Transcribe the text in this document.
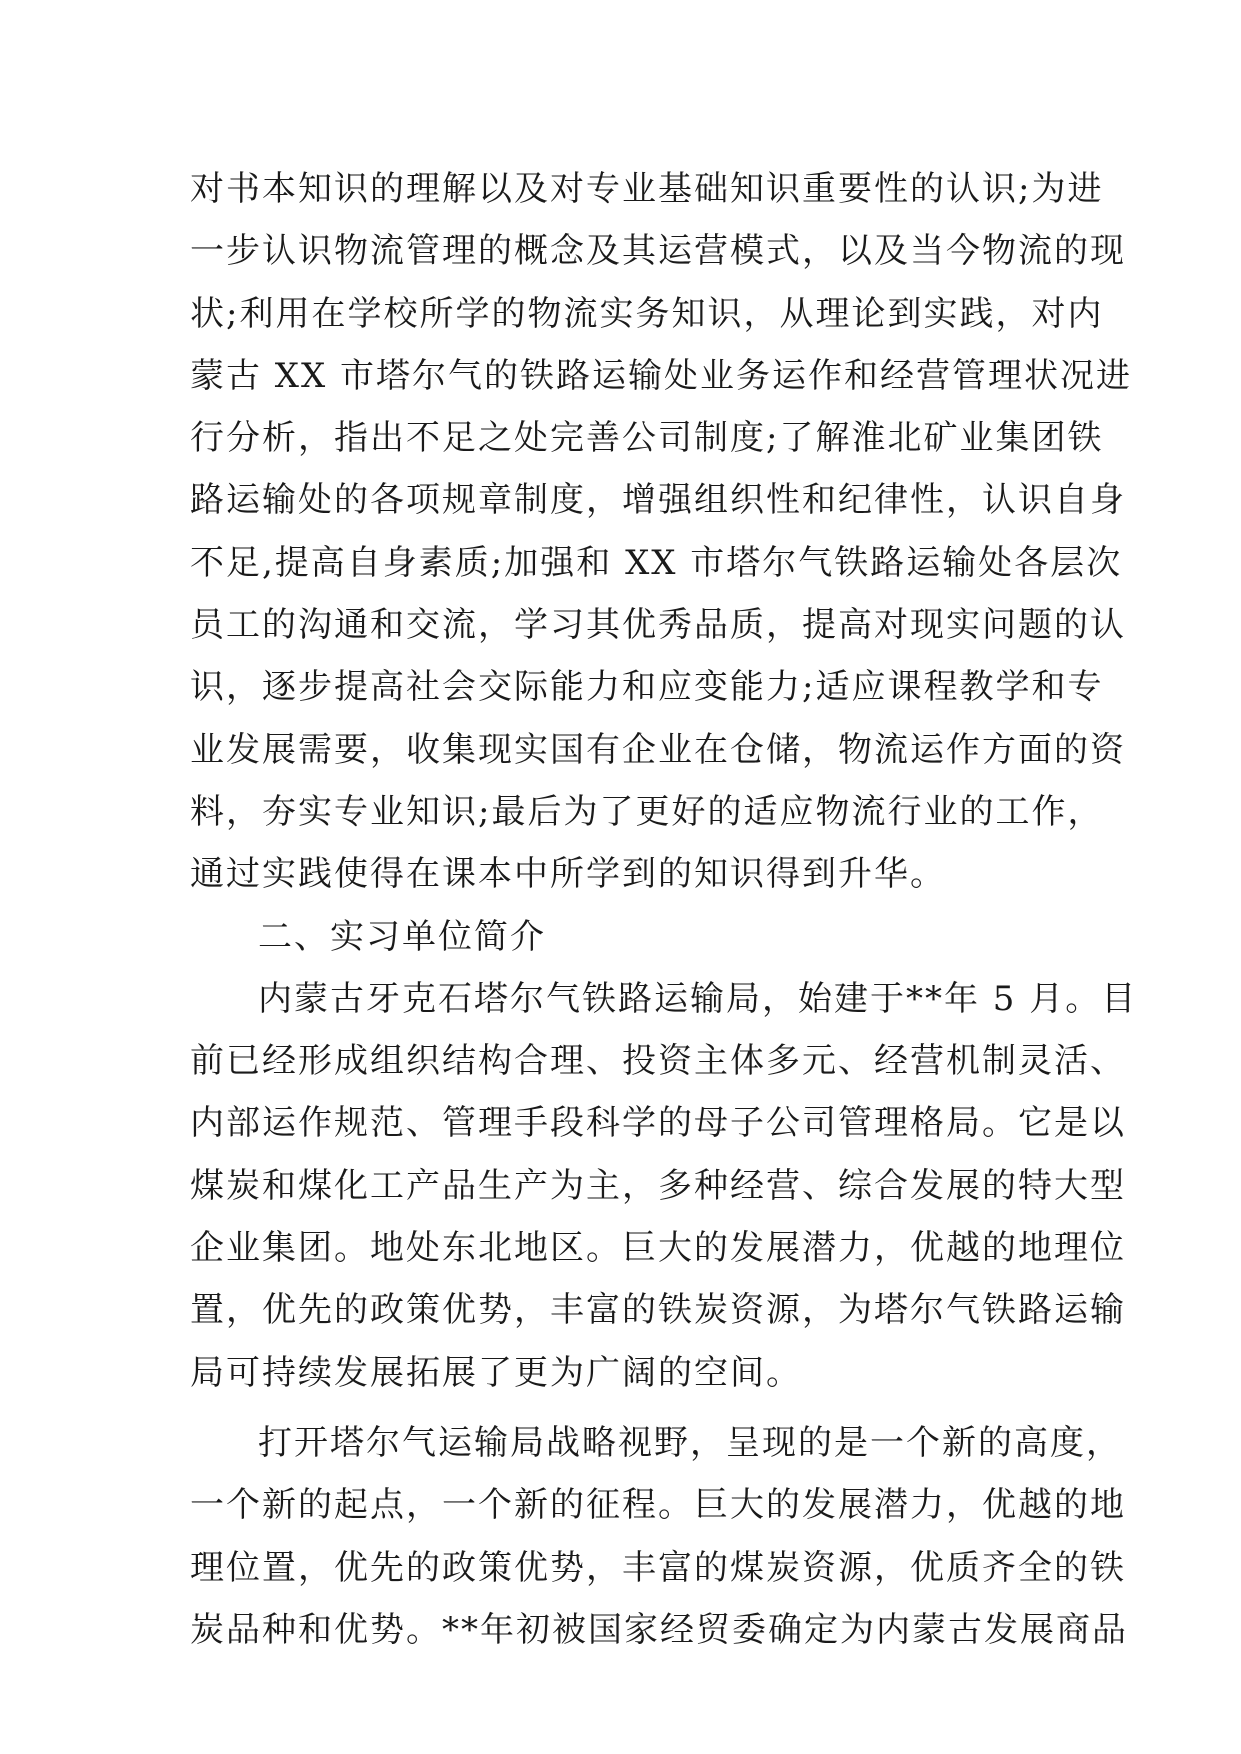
对书本知识的理解以及对专业基础知识重要性的认识;为进
一步认识物流管理的概念及其运营模式，以及当今物流的现
状;利用在学校所学的物流实务知识，从理论到实践，对内
蒙古 XX 市塔尔气的铁路运输处业务运作和经营管理状况进
行分析，指出不足之处完善公司制度;了解淮北矿业集团铁
路运输处的各项规章制度，增强组织性和纪律性，认识自身
不足,提高自身素质;加强和 XX 市塔尔气铁路运输处各层次
员工的沟通和交流，学习其优秀品质，提高对现实问题的认
识，逐步提高社会交际能力和应变能力;适应课程教学和专
业发展需要，收集现实国有企业在仓储，物流运作方面的资
料，夯实专业知识;最后为了更好的适应物流行业的工作，
通过实践使得在课本中所学到的知识得到升华。
二、实习单位简介
内蒙古牙克石塔尔气铁路运输局，始建于**年 5 月。目
前已经形成组织结构合理、投资主体多元、经营机制灵活、
内部运作规范、管理手段科学的母子公司管理格局。它是以
煤炭和煤化工产品生产为主，多种经营、综合发展的特大型
企业集团。地处东北地区。巨大的发展潜力，优越的地理位
置，优先的政策优势，丰富的铁炭资源，为塔尔气铁路运输
局可持续发展拓展了更为广阔的空间。
打开塔尔气运输局战略视野，呈现的是一个新的高度，
一个新的起点，一个新的征程。巨大的发展潜力，优越的地
理位置，优先的政策优势，丰富的煤炭资源，优质齐全的铁
炭品种和优势。**年初被国家经贸委确定为内蒙古发展商品
